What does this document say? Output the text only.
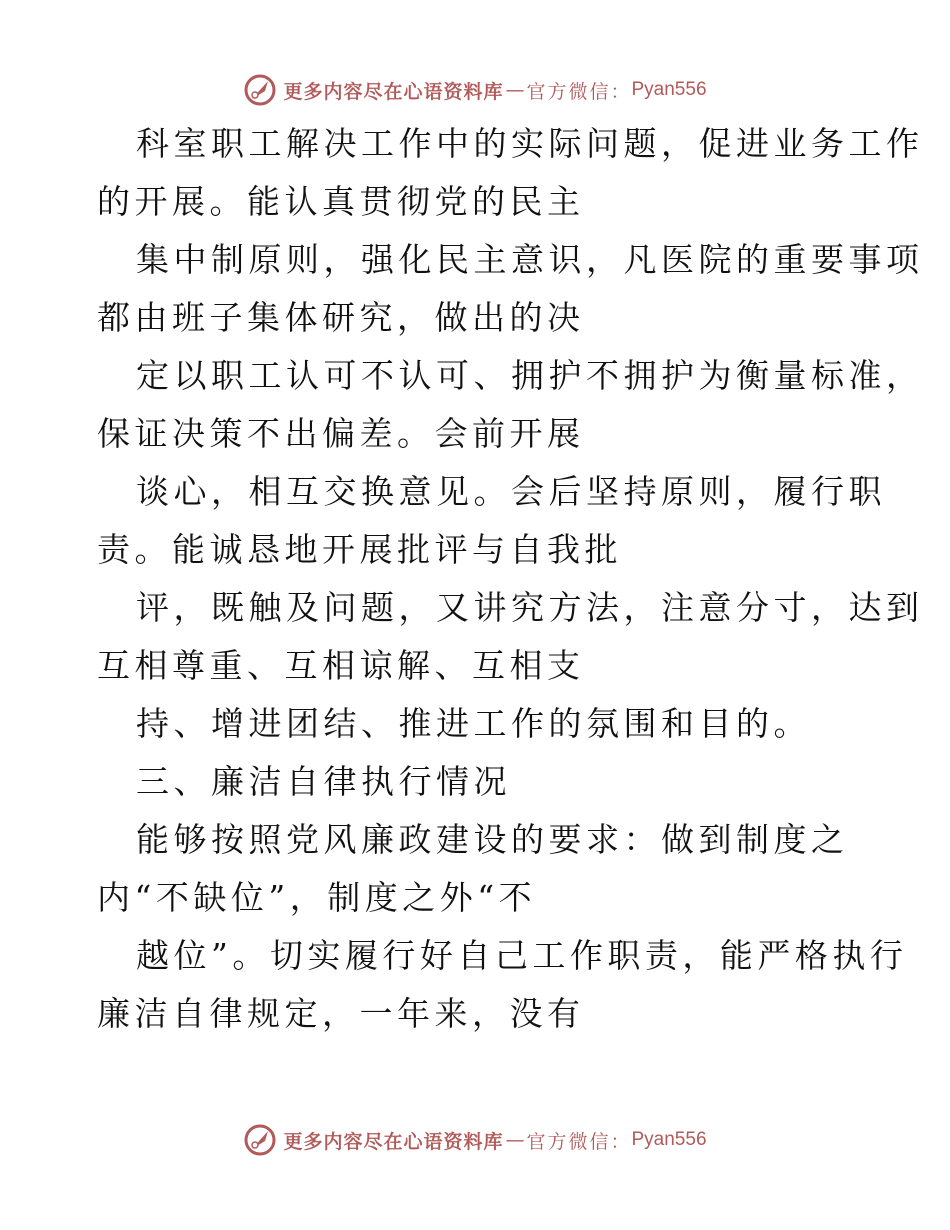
更多内容尽在心语资料库 — 官方微信： Pyan556
科室职工解决工作中的实际问题，促进业务工作
的开展。能认真贯彻党的民主
集中制原则，强化民主意识，凡医院的重要事项
都由班子集体研究，做出的决
定以职工认可不认可、拥护不拥护为衡量标准，
保证决策不出偏差。会前开展
谈心，相互交换意见。会后坚持原则，履行职
责。能诚恳地开展批评与自我批
评，既触及问题，又讲究方法，注意分寸，达到
互相尊重、互相谅解、互相支
持、增进团结、推进工作的氛围和目的。
三、廉洁自律执行情况
能够按照党风廉政建设的要求：做到制度之
内“不缺位”，制度之外“不
越位”。切实履行好自己工作职责，能严格执行
廉洁自律规定，一年来，没有
更多内容尽在心语资料库 — 官方微信： Pyan556
